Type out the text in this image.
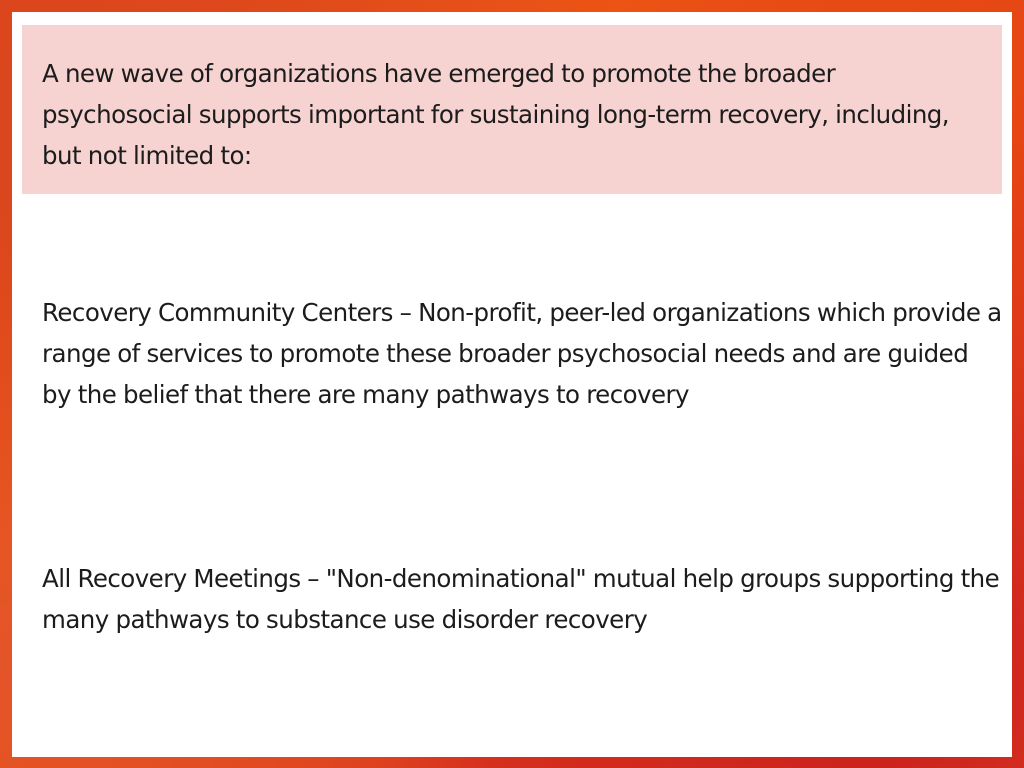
A new wave of organizations have emerged to promote the broader psychosocial supports important for sustaining long-term recovery, including, but not limited to:

Recovery Community Centers – Non-profit, peer-led organizations which provide a range of services to promote these broader psychosocial needs and are guided by the belief that there are many pathways to recovery

All Recovery Meetings – "Non-denominational" mutual help groups supporting the many pathways to substance use disorder recovery
